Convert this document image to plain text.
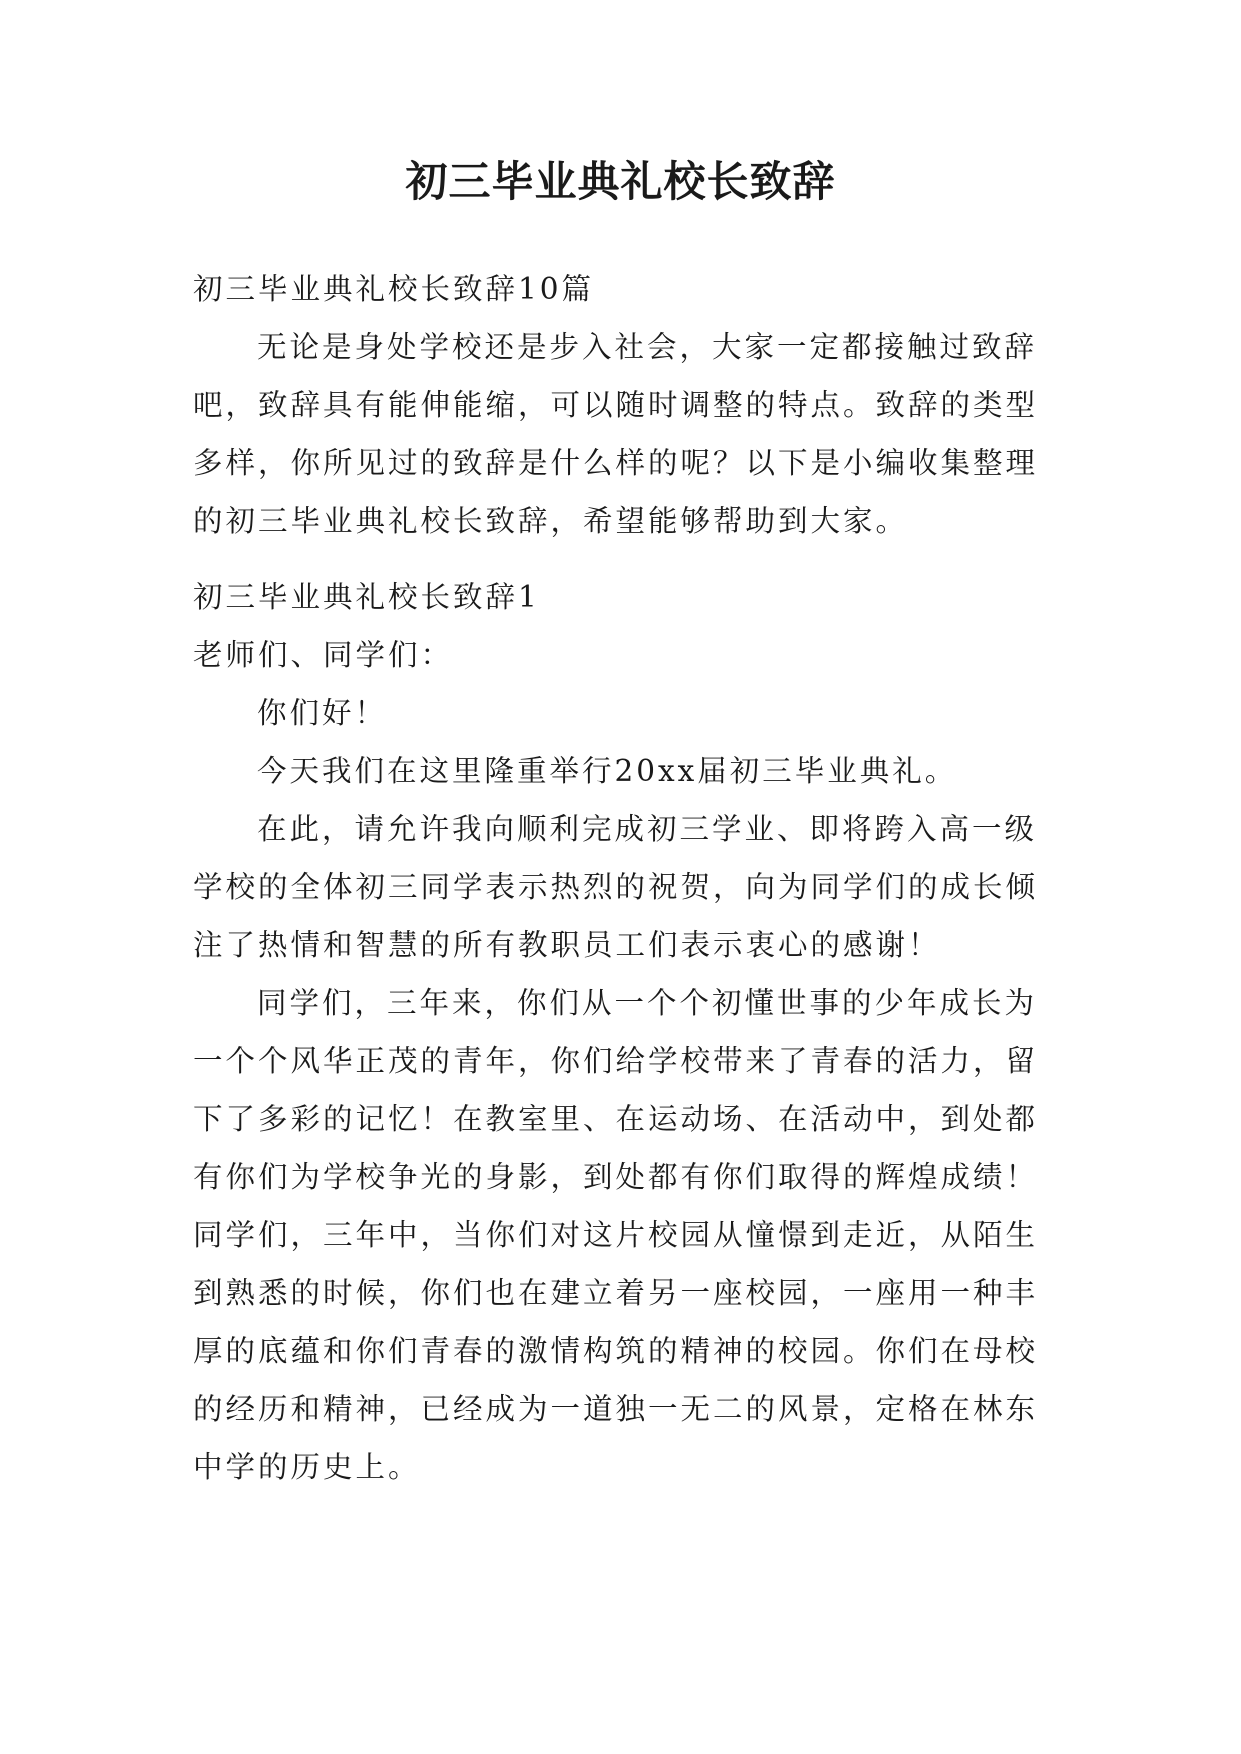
初三毕业典礼校长致辞

初三毕业典礼校长致辞10篇

无论是身处学校还是步入社会，大家一定都接触过致辞吧，致辞具有能伸能缩，可以随时调整的特点。致辞的类型多样，你所见过的致辞是什么样的呢？以下是小编收集整理的初三毕业典礼校长致辞，希望能够帮助到大家。

初三毕业典礼校长致辞1

老师们、同学们：

你们好！

今天我们在这里隆重举行20xx届初三毕业典礼。

在此，请允许我向顺利完成初三学业、即将跨入高一级学校的全体初三同学表示热烈的祝贺，向为同学们的成长倾注了热情和智慧的所有教职员工们表示衷心的感谢！

同学们，三年来，你们从一个个初懂世事的少年成长为一个个风华正茂的青年，你们给学校带来了青春的活力，留下了多彩的记忆！在教室里、在运动场、在活动中，到处都有你们为学校争光的身影，到处都有你们取得的辉煌成绩！同学们，三年中，当你们对这片校园从憧憬到走近，从陌生到熟悉的时候，你们也在建立着另一座校园，一座用一种丰厚的底蕴和你们青春的激情构筑的精神的校园。你们在母校的经历和精神，已经成为一道独一无二的风景，定格在林东中学的历史上。
